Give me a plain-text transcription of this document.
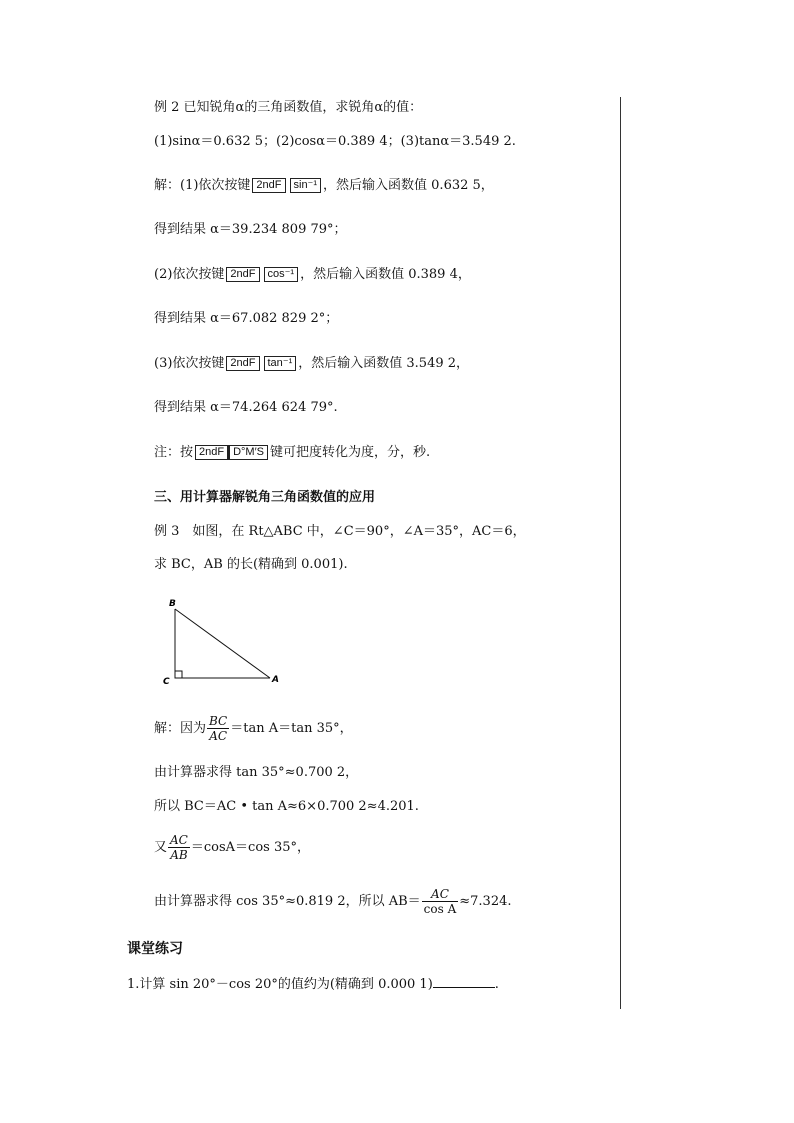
例 2 已知锐角α的三角函数值，求锐角α的值：
(1)sinα＝0.632 5；(2)cosα＝0.389 4；(3)tanα＝3.549 2.
解：(1)依次按键 2ndF sin⁻¹ ，然后输入函数值 0.632 5，
得到结果 α＝39.234 809 79°；
(2)依次按键 2ndF cos⁻¹ ，然后输入函数值 0.389 4，
得到结果 α＝67.082 829 2°；
(3)依次按键 2ndF tan⁻¹ ，然后输入函数值 3.549 2，
得到结果 α＝74.264 624 79°.
注：按 2ndF D°M′S 键可把度转化为度，分，秒.
三、用计算器解锐角三角函数值的应用
例 3　如图，在 Rt△ABC 中，∠C＝90°，∠A＝35°，AC＝6，
求 BC，AB 的长(精确到 0.001).
B
C	A
解：因为 $\frac{BC}{AC} =\tan$ A＝tan 35°，
由计算器求得 tan 35°≈0.700 2，
所以 BC＝AC • tan A≈6×0.700 2≈4.201.
又 $\frac{AC}{AB} =\cos A=\cos$ 35°，
由计算器求得 cos 35°≈0.819 2，所以 $AB= \frac{AC}{\text{cos A}} \approx 7.324$.
课堂练习
1.计算 sin 20°－cos 20°的值约为(精确到 0.000 1)	.
